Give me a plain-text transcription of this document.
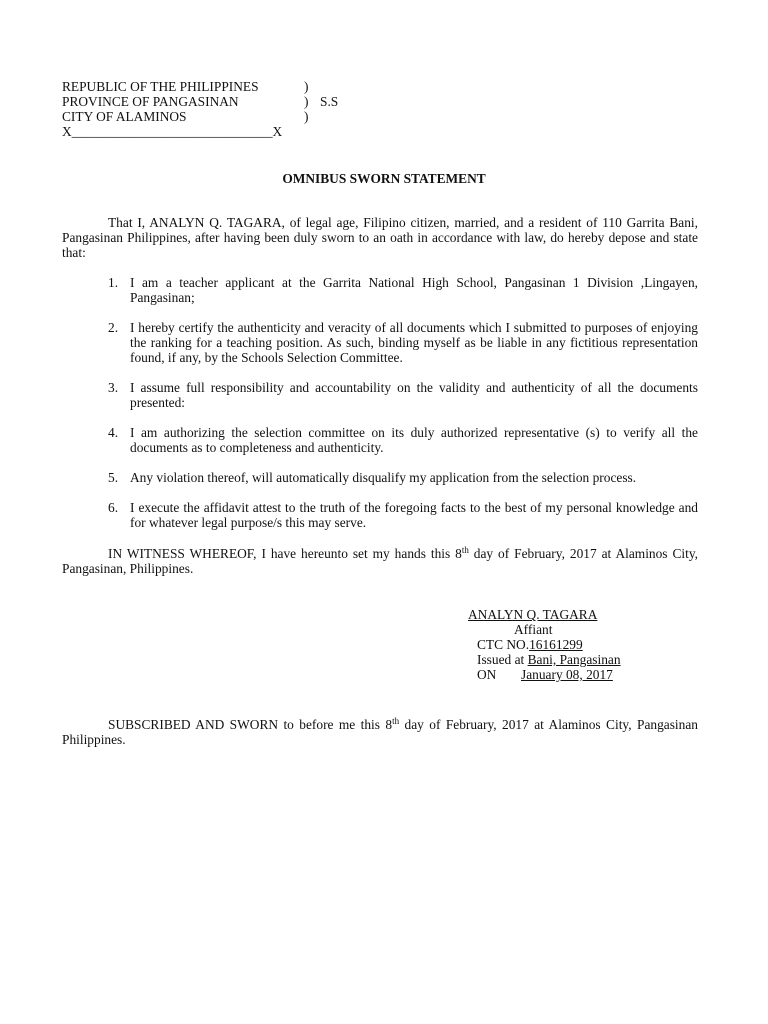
REPUBLIC OF THE PHILIPPINES	)
PROVINCE OF PANGASINAN	) S.S
CITY OF ALAMINOS	)
X______________________________X
OMNIBUS SWORN STATEMENT
That I, ANALYN Q. TAGARA, of legal age, Filipino citizen, married, and a resident of 110 Garrita Bani, Pangasinan Philippines, after having been duly sworn to an oath in accordance with law, do hereby depose and state that:
1. I am a teacher applicant at the Garrita National High School, Pangasinan 1 Division ,Lingayen, Pangasinan;
2. I hereby certify the authenticity and veracity of all documents which I submitted to purposes of enjoying the ranking for a teaching position. As such, binding myself as be liable in any fictitious representation found, if any, by the Schools Selection Committee.
3. I assume full responsibility and accountability on the validity and authenticity of all the documents presented:
4. I am authorizing the selection committee on its duly authorized representative (s) to verify all the documents as to completeness and authenticity.
5. Any violation thereof, will automatically disqualify my application from the selection process.
6. I execute the affidavit attest to the truth of the foregoing facts to the best of my personal knowledge and for whatever legal purpose/s this may serve.
IN WITNESS WHEREOF, I have hereunto set my hands this 8th day of February, 2017 at Alaminos City, Pangasinan, Philippines.
ANALYN Q. TAGARA
Affiant
CTC NO.16161299
Issued at Bani, Pangasinan
ON January 08, 2017
SUBSCRIBED AND SWORN to before me this 8th day of February, 2017 at Alaminos City, Pangasinan Philippines.
